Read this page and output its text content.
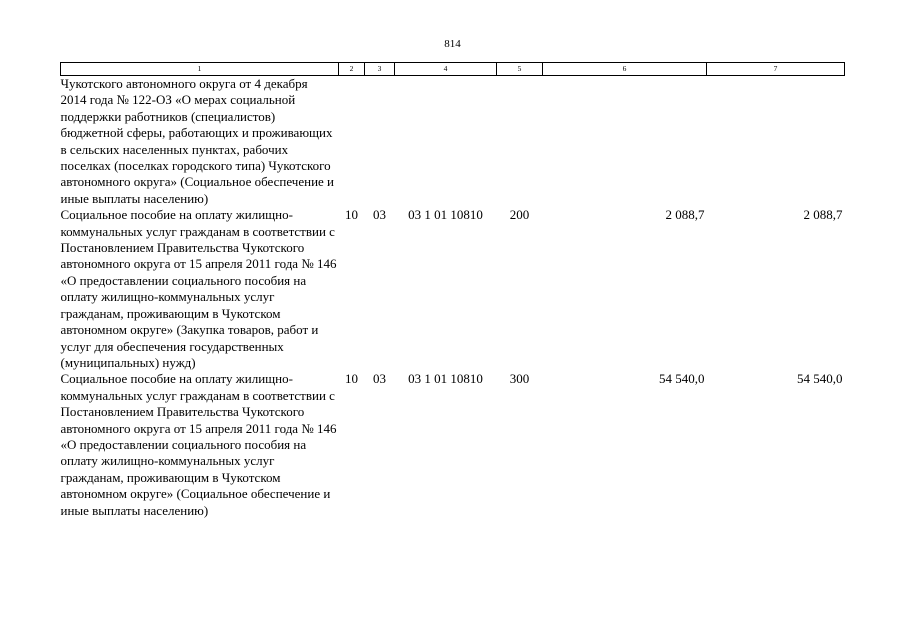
814
1	2	3	4	5	6	7
Чукотского автономного округа от 4 декабря 2014 года № 122-ОЗ «О мерах социальной поддержки работников (специалистов) бюджетной сферы, работающих и проживающих в сельских населенных пунктах, рабочих поселках (поселках городского типа) Чукотского автономного округа» (Социальное обеспечение и иные выплаты населению)						
Социальное пособие на оплату жилищно-коммунальных услуг гражданам в соответствии с Постановлением Правительства Чукотского автономного округа от 15 апреля 2011 года № 146 «О предоставлении социального пособия на оплату жилищно-коммунальных услуг гражданам, проживающим в Чукотском автономном округе» (Закупка товаров, работ и услуг для обеспечения государственных (муниципальных) нужд)	10	03	03 1 01 10810	200	2 088,7	2 088,7
Социальное пособие на оплату жилищно-коммунальных услуг гражданам в соответствии с Постановлением Правительства Чукотского автономного округа от 15 апреля 2011 года № 146 «О предоставлении социального пособия на оплату жилищно-коммунальных услуг гражданам, проживающим в Чукотском автономном округе» (Социальное обеспечение и иные выплаты населению)	10	03	03 1 01 10810	300	54 540,0	54 540,0
